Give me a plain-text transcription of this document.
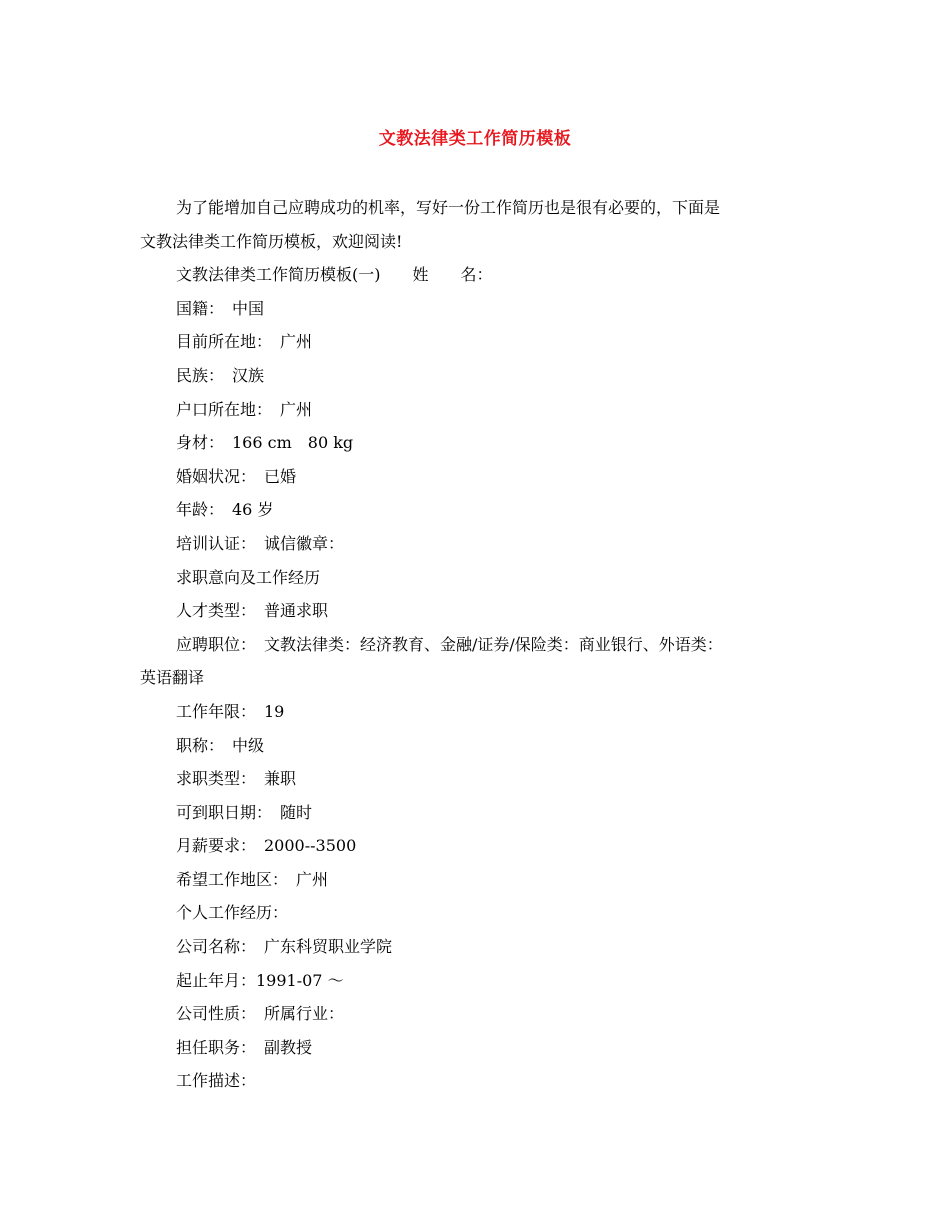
文教法律类工作简历模板
为了能增加自己应聘成功的机率，写好一份工作简历也是很有必要的，下面是
文教法律类工作简历模板，欢迎阅读!
文教法律类工作简历模板(一)　　姓　　名：
国籍：　中国
目前所在地：　广州
民族：　汉族
户口所在地：　广州
身材：　166 cm　80 kg
婚姻状况：　已婚
年龄：　46 岁
培训认证：　诚信徽章：
求职意向及工作经历
人才类型：　普通求职
应聘职位：　文教法律类：经济教育、金融/证券/保险类：商业银行、外语类：
英语翻译
工作年限：　19
职称：　中级
求职类型：　兼职
可到职日期：　随时
月薪要求：　2000--3500
希望工作地区：　广州
个人工作经历：
公司名称：　广东科贸职业学院
起止年月：1991-07 ～
公司性质：　所属行业：
担任职务：　副教授
工作描述：
